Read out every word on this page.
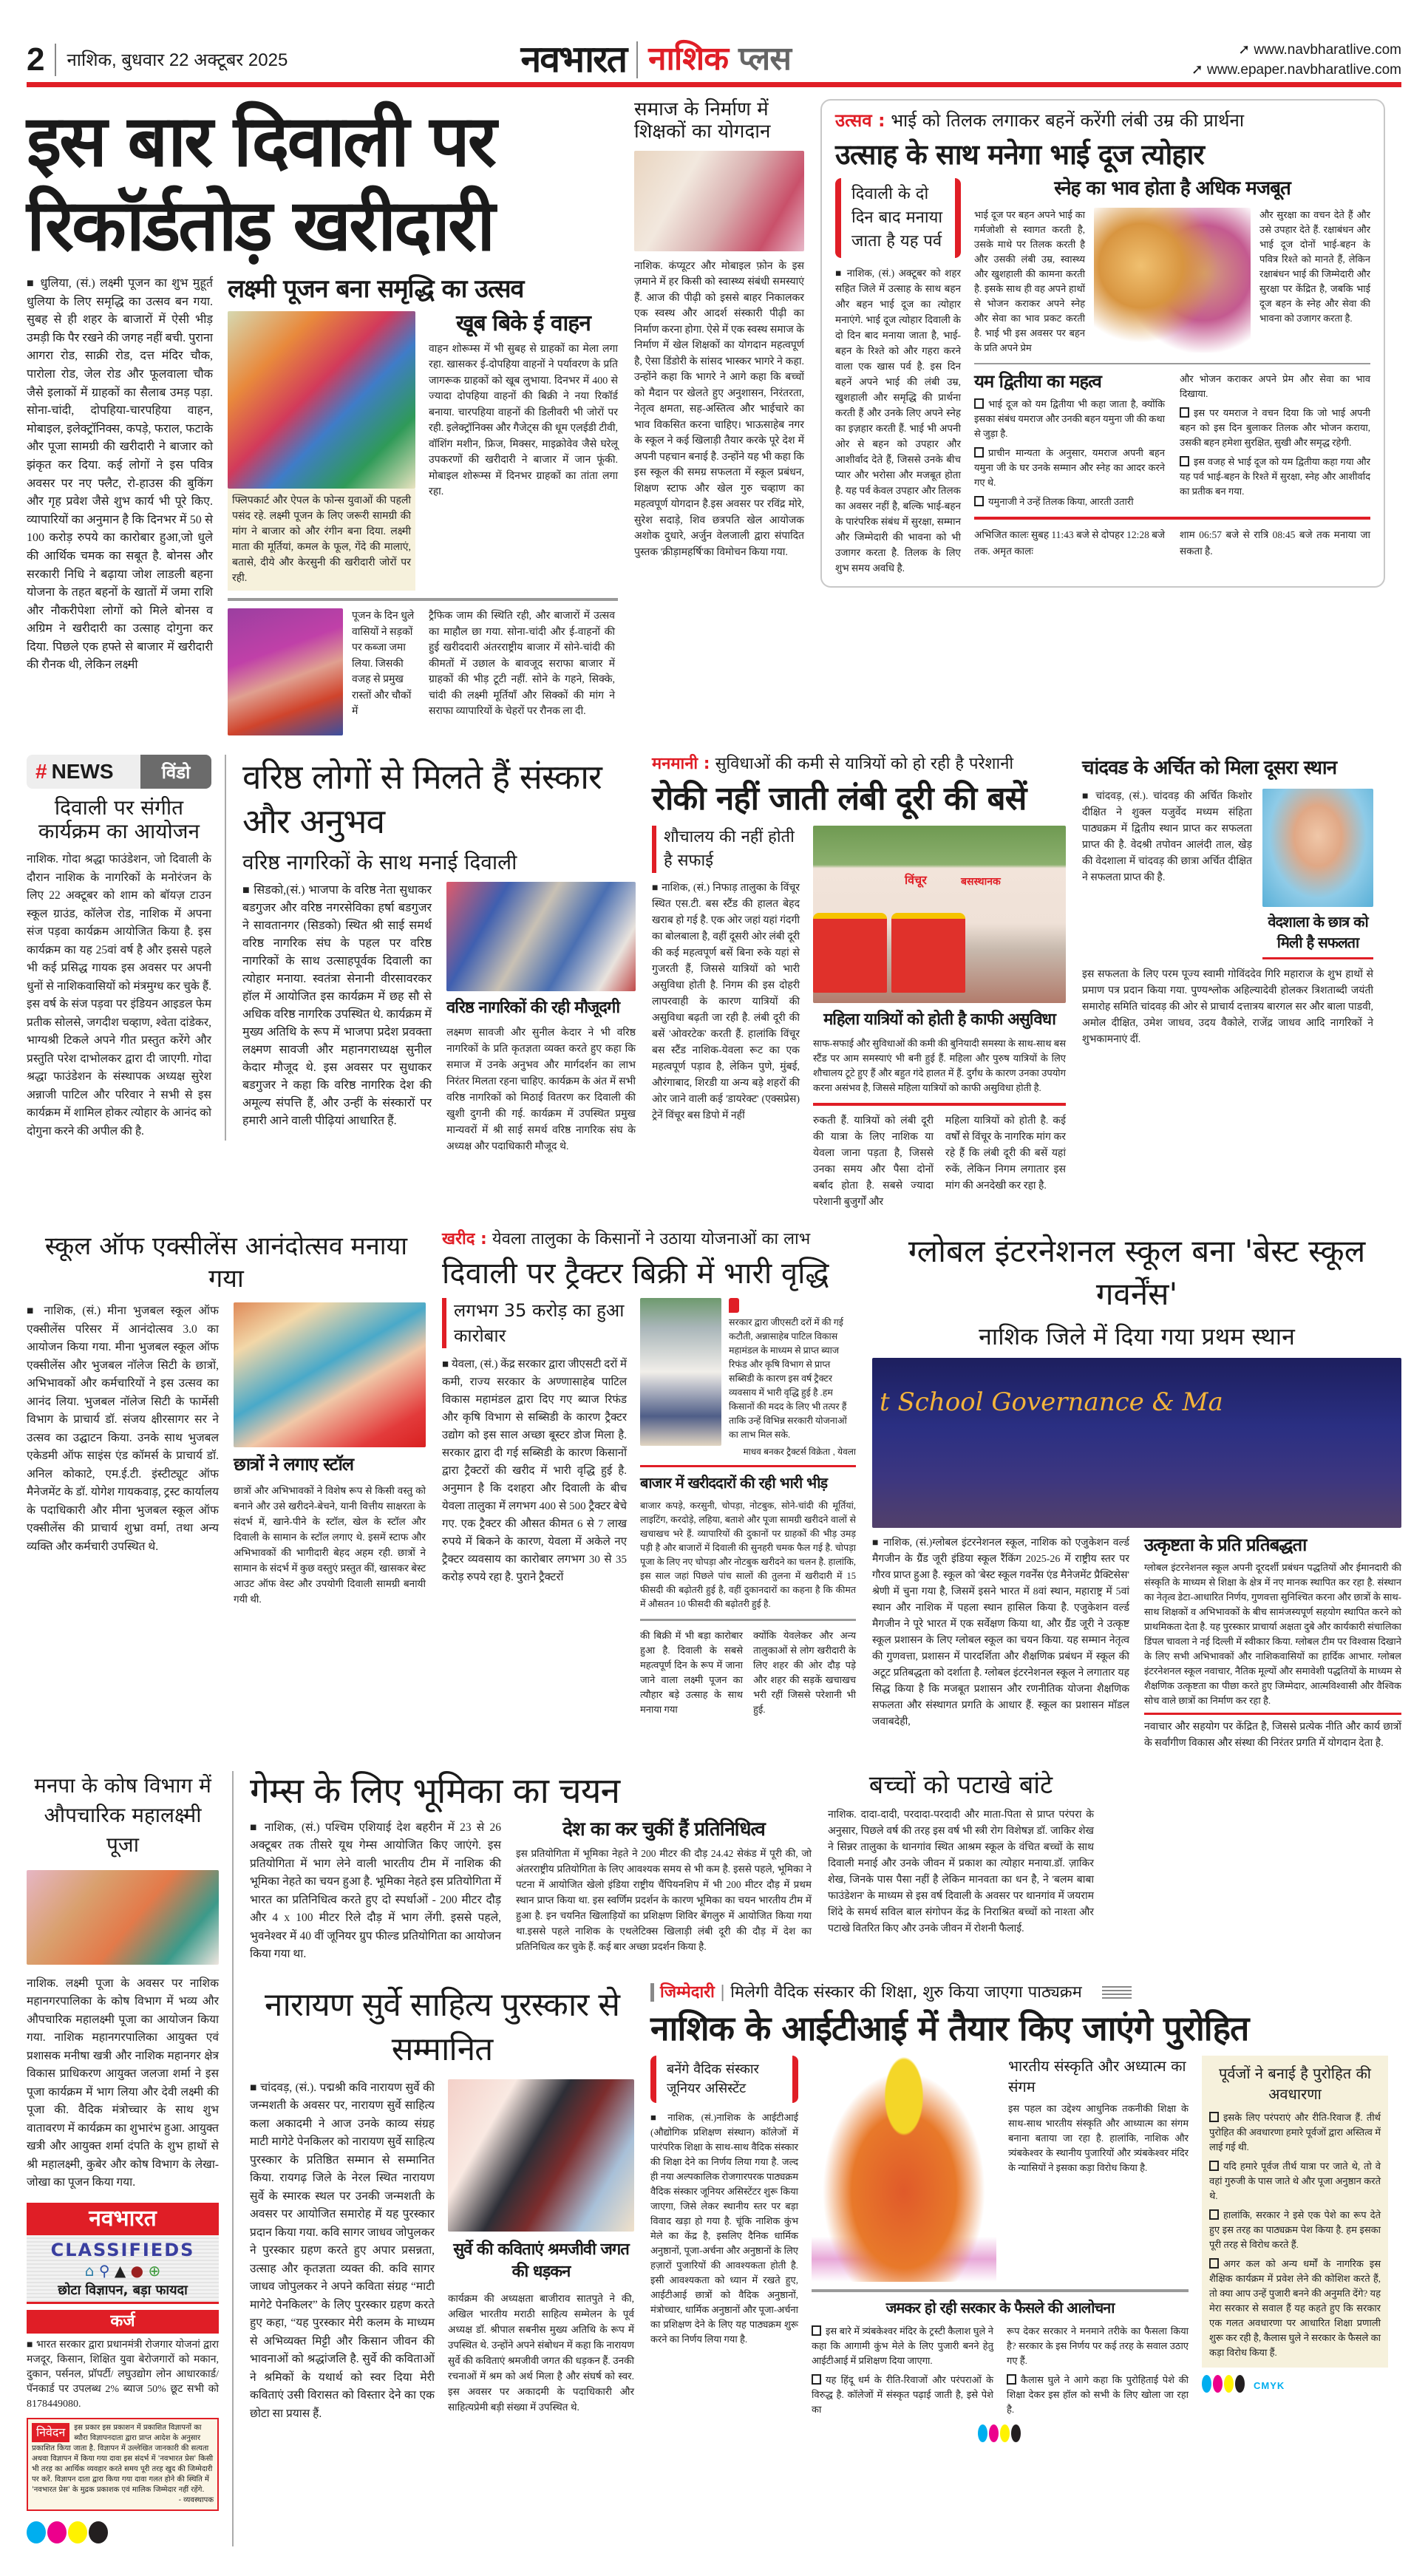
2 नाशिक, बुधवार 22 अक्टूबर 2025	नवभारत नाशिक प्लस	➚ www.navbharatlive.com
➚ www.epaper.navbharatlive.com
इस बार दिवाली पर
रिकॉर्डतोड़ खरीदारी
■ धुलिया, (सं.) लक्ष्मी पूजन का शुभ मुहूर्त धुलिया के लिए समृद्धि का उत्सव बन गया. सुबह से ही शहर के बाजारों में ऐसी भीड़ उमड़ी कि पैर रखने की जगह नहीं बची. पुराना आगरा रोड, साक्री रोड, दत्त मंदिर चौक, पारोला रोड, जेल रोड और फूलवाला चौक जैसे इलाकों में ग्राहकों का सैलाब उमड़ पड़ा. सोना-चांदी, दोपहिया-चारपहिया वाहन, मोबाइल, इलेक्ट्रॉनिक्स, कपड़े, फराल, फटाके और पूजा सामग्री की खरीदारी ने बाजार को झंकृत कर दिया. कई लोगों ने इस पवित्र अवसर पर नए फ्लैट, रो-हाउस की बुकिंग और गृह प्रवेश जैसे शुभ कार्य भी पूरे किए. व्यापारियों का अनुमान है कि दिनभर में 50 से 100 करोड़ रुपये का कारोबार हुआ,जो धुले की आर्थिक चमक का सबूत है. बोनस और सरकारी निधि ने बढ़ाया जोश लाडली बहना योजना के तहत बहनों के खातों में जमा राशि और नौकरीपेशा लोगों को मिले बोनस व अग्रिम ने खरीदारी का उत्साह दोगुना कर दिया. पिछले एक हफ्ते से बाजार में खरीदारी की रौनक थी, लेकिन लक्ष्मी
लक्ष्मी पूजन बना समृद्धि का उत्सव
फ्लिपकार्ट और ऐपल के फोन्स युवाओं की पहली पसंद रहे. लक्ष्मी पूजन के लिए जरूरी सामग्री की मांग ने बाजार को और रंगीन बना दिया. लक्ष्मी माता की मूर्तियां, कमल के फूल, गेंदे की मालाएं, बतासे, दीये और केरसुनी की खरीदारी जोरों पर रही.
खूब बिके ई वाहन
वाहन शोरूम्स में भी सुबह से ग्राहकों का मेला लगा रहा. खासकर ई-दोपहिया वाहनों ने पर्यावरण के प्रति जागरूक ग्राहकों को खूब लुभाया. दिनभर में 400 से ज्यादा दोपहिया वाहनों की बिक्री ने नया रिकॉर्ड बनाया. चारपहिया वाहनों की डिलीवरी भी जोरों पर रही. इलेक्ट्रॉनिक्स और गैजेट्स की धूम एलईडी टीवी, वॉशिंग मशीन, फ्रिज, मिक्सर, माइक्रोवेव जैसे घरेलू उपकरणों की खरीदारी ने बाजार में जान फूंकी. मोबाइल शोरूम्स में दिनभर ग्राहकों का तांता लगा रहा.
पूजन के दिन धुले वासियों ने सड़कों पर कब्जा जमा लिया. जिसकी वजह से प्रमुख रास्तों और चौकों में
ट्रैफिक जाम की स्थिति रही, और बाजारों में उत्सव का माहौल छा गया. सोना-चांदी और ई-वाहनों की हुई खरीददारी अंतरराष्ट्रीय बाजार में सोने-चांदी की कीमतों में उछाल के बावजूद सराफा बाजार में ग्राहकों की भीड़ टूटी नहीं. सोने के गहने, सिक्के, चांदी की लक्ष्मी मूर्तियाँ और सिक्कों की मांग ने सराफा व्यापारियों के चेहरों पर रौनक ला दी.
समाज के निर्माण में शिक्षकों का योगदान
नाशिक. कंप्यूटर और मोबाइल फ़ोन के इस ज़माने में हर किसी को स्वास्थ्य संबंधी समस्याएं हैं. आज की पीढ़ी को इससे बाहर निकालकर एक स्वस्थ और आदर्श संस्कारी पीढ़ी का निर्माण करना होगा. ऐसे में एक स्वस्थ समाज के निर्माण में खेल शिक्षकों का योगदान महत्वपूर्ण है, ऐसा डिंडोरी के सांसद भास्कर भागरे ने कहा. उन्होंने कहा कि भागरे ने आगे कहा कि बच्चों को मैदान पर खेलते हुए अनुशासन, निरंतरता, नेतृत्व क्षमता, सह-अस्तित्व और भाईचारे का भाव विकसित करना चाहिए। भाऊसाहेब नगर के स्कूल ने कई खिलाड़ी तैयार करके पूरे देश में अपनी पहचान बनाई है. उन्होंने यह भी कहा कि इस स्कूल की समग्र सफलता में स्कूल प्रबंधन, शिक्षण स्टाफ और खेल गुरु चव्हाण का महत्वपूर्ण योगदान है.इस अवसर पर रविंद्र मोरे, सुरेश सदाड़े, शिव छत्रपति खेल आयोजक अशोक दुधारे, अर्जुन वेलजाली द्वारा संपादित पुस्तक 'क्रीड़ामहर्षि'का विमोचन किया गया.
उत्सव : भाई को तिलक लगाकर बहनें करेंगी लंबी उम्र की प्रार्थना
उत्साह के साथ मनेगा भाई दूज त्योहार
दिवाली के दो दिन बाद मनाया जाता है यह पर्व
■ नाशिक, (सं.) अक्टूबर को शहर सहित जिले में उत्साह के साथ बहन और बहन भाई दूज का त्योहार मनाएंगे. भाई दूज त्योहार दिवाली के दो दिन बाद मनाया जाता है, भाई-बहन के रिश्ते को और गहरा करने वाला एक खास पर्व है. इस दिन बहनें अपने भाई की लंबी उम्र, खुशहाली और समृद्धि की प्रार्थना करती हैं और उनके लिए अपने स्नेह का इज़हार करती हैं. भाई भी अपनी ओर से बहन को उपहार और आशीर्वाद देते हैं, जिससे उनके बीच प्यार और भरोसा और मजबूत होता है. यह पर्व केवल उपहार और तिलक का अवसर नहीं है, बल्कि भाई-बहन के पारंपरिक संबंध में सुरक्षा, सम्मान और जिम्मेदारी की भावना को भी उजागर करता है. तिलक के लिए शुभ समय अवधि है.
स्नेह का भाव होता है अधिक मजबूत
भाई दूज पर बहन अपने भाई का गर्मजोशी से स्वागत करती है, उसके माथे पर तिलक करती है और उसकी लंबी उम्र, स्वास्थ्य और खुशहाली की कामना करती है. इसके साथ ही वह अपने हाथों से भोजन कराकर अपने स्नेह और सेवा का भाव प्रकट करती है. भाई भी इस अवसर पर बहन के प्रति अपने प्रेम
और सुरक्षा का वचन देते हैं और उसे उपहार देते हैं. रक्षाबंधन और भाई दूज दोनों भाई-बहन के पवित्र रिश्ते को मानते हैं, लेकिन रक्षाबंधन भाई की जिम्मेदारी और सुरक्षा पर केंद्रित है, जबकि भाई दूज बहन के स्नेह और सेवा की भावना को उजागर करता है.
यम द्वितीया का महत्व

भाई दूज को यम द्वितीया भी कहा जाता है, क्योंकि इसका संबंध यमराज और उनकी बहन यमुना जी की कथा से जुड़ा है.

प्राचीन मान्यता के अनुसार, यमराज अपनी बहन यमुना जी के घर उनके सम्मान और स्नेह का आदर करने गए थे.

यमुनाजी ने उन्हें तिलक किया, आरती उतारी

और भोजन कराकर अपने प्रेम और सेवा का भाव दिखाया.

इस पर यमराज ने वचन दिया कि जो भाई अपनी बहन को इस दिन बुलाकर तिलक और भोजन कराया, उसकी बहन हमेशा सुरक्षित, सुखी और समृद्ध रहेगी.

इस वजह से भाई दूज को यम द्वितीया कहा गया और यह पर्व भाई-बहन के रिश्ते में सुरक्षा, स्नेह और आशीर्वाद का प्रतीक बन गया.

अभिजित कालः सुबह 11:43 बजे से दोपहर 12:28 बजे तक. अमृत कालः
शाम 06:57 बजे से रात्रि 08:45 बजे तक मनाया जा सकता है.
# NEWS	विंडो
दिवाली पर संगीत कार्यक्रम का आयोजन
नाशिक. गोदा श्रद्धा फाउंडेशन, जो दिवाली के दौरान नाशिक के नागरिकों के मनोरंजन के लिए 22 अक्टूबर को शाम को बॉयज़ टाउन स्कूल ग्राउंड, कॉलेज रोड, नाशिक में अपना संज पड़वा कार्यक्रम आयोजित किया है. इस कार्यक्रम का यह 25वां वर्ष है और इससे पहले भी कई प्रसिद्ध गायक इस अवसर पर अपनी धुनों से नाशिकवासियों को मंत्रमुग्ध कर चुके हैं. इस वर्ष के संज पड़वा पर इंडियन आइडल फेम प्रतीक सोलसे, जगदीश चव्हाण, श्वेता दांडेकर, भाग्यश्री टिकले अपने गीत प्रस्तुत करेंगे और प्रस्तुति परेश दाभोलकर द्वारा दी जाएगी. गोदा श्रद्धा फाउंडेशन के संस्थापक अध्यक्ष सुरेश अन्नाजी पाटिल और परिवार ने सभी से इस कार्यक्रम में शामिल होकर त्योहार के आनंद को दोगुना करने की अपील की है.
वरिष्ठ लोगों से मिलते हैं संस्कार और अनुभव
वरिष्ठ नागरिकों के साथ मनाई दिवाली
■ सिडको,(सं.) भाजपा के वरिष्ठ नेता सुधाकर बडगुजर और वरिष्ठ नगरसेविका हर्षा बडगुजर ने सावतानगर (सिडको) स्थित श्री साई समर्थ वरिष्ठ नागरिक संघ के पहल पर वरिष्ठ नागरिकों के साथ उत्साहपूर्वक दिवाली का त्योहार मनाया. स्वतंत्रा सेनानी वीरसावरकर हॉल में आयोजित इस कार्यक्रम में छह सौ से अधिक वरिष्ठ नागरिक उपस्थित थे. कार्यक्रम में मुख्य अतिथि के रूप में भाजपा प्रदेश प्रवक्ता लक्ष्मण सावजी और महानगराध्यक्ष सुनील केदार मौजूद थे. इस अवसर पर सुधाकर बडगुजर ने कहा कि वरिष्ठ नागरिक देश की अमूल्य संपत्ति हैं, और उन्हीं के संस्कारों पर हमारी आने वाली पीढ़ियां आधारित हैं.
वरिष्ठ नागरिकों की रही मौजूदगी
लक्ष्मण सावजी और सुनील केदार ने भी वरिष्ठ नागरिकों के प्रति कृतज्ञता व्यक्त करते हुए कहा कि समाज में उनके अनुभव और मार्गदर्शन का लाभ निरंतर मिलता रहना चाहिए. कार्यक्रम के अंत में सभी वरिष्ठ नागरिकों को मिठाई वितरण कर दिवाली की खुशी दुगनी की गई. कार्यक्रम में उपस्थित प्रमुख मान्यवरों में श्री साई समर्थ वरिष्ठ नागरिक संघ के अध्यक्ष और पदाधिकारी मौजूद थे.
मनमानी : सुविधाओं की कमी से यात्रियों को हो रही है परेशानी
रोकी नहीं जाती लंबी दूरी की बसें
शौचालय की नहीं होती है सफाई
■ नाशिक, (सं.) निफाड़ तालुका के विंचूर स्थित एस.टी. बस स्टैंड की हालत बेहद खराब हो गई है. एक ओर जहां यहां गंदगी का बोलबाला है, वहीं दूसरी ओर लंबी दूरी की कई महत्वपूर्ण बसें बिना रुके यहां से गुजरती हैं, जिससे यात्रियों को भारी असुविधा होती है. निगम की इस दोहरी लापरवाही के कारण यात्रियों की असुविधा बढ़ती जा रही है. लंबी दूरी की बसें 'ओवरटेक' करती हैं. हालांकि विंचूर बस स्टैंड नाशिक-येवला रूट का एक महत्वपूर्ण पड़ाव है, लेकिन पुणे, मुंबई, औरंगाबाद, शिरडी या अन्य बड़े शहरों की ओर जाने वाली कई 'डायरेक्ट' (एक्सप्रेस) ट्रेनें विंचूर बस डिपो में नहीं
विंचूर	बसस्थानक
महिला यात्रियों को होती है काफी असुविधा
साफ-सफाई और सुविधाओं की कमी की बुनियादी समस्या के साथ-साथ बस स्टैंड पर आम समस्याएं भी बनी हुई हैं. महिला और पुरुष यात्रियों के लिए शौचालय टूटे हुए हैं और बहुत गंदे हालत में हैं. दुर्गंध के कारण उनका उपयोग करना असंभव है, जिससे महिला यात्रियों को काफी असुविधा होती है.
रुकती हैं. यात्रियों को लंबी दूरी की यात्रा के लिए नाशिक या येवला जाना पड़ता है, जिससे उनका समय और पैसा दोनों बर्बाद होता है. सबसे ज्यादा परेशानी बुजुर्गों और
महिला यात्रियों को होती है. कई वर्षों से विंचूर के नागरिक मांग कर रहे हैं कि लंबी दूरी की बसें यहां रुकें, लेकिन निगम लगातार इस मांग की अनदेखी कर रहा है.
चांदवड के अर्चित को मिला दूसरा स्थान
■ चांदवड़, (सं.). चांदवड़ की अर्चित किशोर दीक्षित ने शुक्ल यजुर्वेद मध्यम संहिता पाठ्यक्रम में द्वितीय स्थान प्राप्त कर सफलता प्राप्त की है. वेदश्री तपोवन आलंदी ताल, खेड़ की वेदशाला में चांदवड़ की छात्रा अर्चित दीक्षित ने सफलता प्राप्त की है.
वेदशाला के छात्र को मिली है सफलता
इस सफलता के लिए परम पूज्य स्वामी गोविंददेव गिरि महाराज के शुभ हाथों से प्रमाण पत्र प्रदान किया गया. पुण्यश्लोक अहिल्यादेवी होलकर त्रिशताब्दी जयंती समारोह समिति चांदवड़ की ओर से प्राचार्य दत्तात्रय बारगल सर और बाला पाडवी, अमोल दीक्षित, उमेश जाधव, उदय वैकोले, राजेंद्र जाधव आदि नागरिकों ने शुभकामनाएं दीं.
स्कूल ऑफ एक्सीलेंस आनंदोत्सव मनाया गया
■ नाशिक, (सं.) मीना भुजबल स्कूल ऑफ एक्सीलेंस परिसर में आनंदोत्सव 3.0 का आयोजन किया गया. मीना भुजबल स्कूल ऑफ एक्सीलेंस और भुजबल नॉलेज सिटी के छात्रों, अभिभावकों और कर्मचारियों ने इस उत्सव का आनंद लिया. भुजबल नॉलेज सिटी के फार्मेसी विभाग के प्राचार्य डॉ. संजय क्षीरसागर सर ने उत्सव का उद्घाटन किया. उनके साथ भुजबल एकेडमी ऑफ साइंस एंड कॉमर्स के प्राचार्य डॉ. अनिल कोकाटे, एम.ई.टी. इंस्टीट्यूट ऑफ मैनेजमेंट के डॉ. योगेश गायकवाड़, ट्रस्ट कार्यालय के पदाधिकारी और मीना भुजबल स्कूल ऑफ एक्सीलेंस की प्राचार्य शुभ्रा वर्मा, तथा अन्य व्यक्ति और कर्मचारी उपस्थित थे.
छात्रों ने लगाए स्टॉल
छात्रों और अभिभावकों ने विशेष रूप से किसी वस्तु को बनाने और उसे खरीदने-बेचने, यानी वित्तीय साक्षरता के संदर्भ में, खाने-पीने के स्टॉल, खेल के स्टॉल और दिवाली के सामान के स्टॉल लगाए थे. इसमें स्टाफ और अभिभावकों की भागीदारी बेहद अहम रही. छात्रों ने सामान के संदर्भ में कुछ वस्तुएं प्रस्तुत कीं, खासकर बेस्ट आउट ऑफ वेस्ट और उपयोगी दिवाली सामग्री बनायी गयी थी.
खरीद : येवला तालुका के किसानों ने उठाया योजनाओं का लाभ
दिवाली पर ट्रैक्टर बिक्री में भारी वृद्धि
लगभग 35 करोड़ का हुआ कारोबार
■ येवला, (सं.) केंद्र सरकार द्वारा जीएसटी दरों में कमी, राज्य सरकार के अण्णासाहेब पाटिल विकास महामंडल द्वारा दिए गए ब्याज रिफंड और कृषि विभाग से सब्सिडी के कारण ट्रैक्टर उद्योग को इस साल अच्छा बूस्टर डोज मिला है. सरकार द्वारा दी गई सब्सिडी के कारण किसानों द्वारा ट्रैक्टरों की खरीद में भारी वृद्धि हुई है. अनुमान है कि दशहरा और दिवाली के बीच येवला तालुका में लगभग 400 से 500 ट्रैक्टर बेचे गए. एक ट्रैक्टर की औसत कीमत 6 से 7 लाख रुपये में बिकने के कारण, येवला में अकेले नए ट्रैक्टर व्यवसाय का कारोबार लगभग 30 से 35 करोड़ रुपये रहा है. पुराने ट्रैक्टरों
सरकार द्वारा जीएसटी दरों में की गई कटौती, अन्नासाहेब पाटिल विकास महामंडल के माध्यम से प्राप्त ब्याज रिफंड और कृषि विभाग से प्राप्त सब्सिडी के कारण इस वर्ष ट्रैक्टर व्यवसाय में भारी वृद्धि हुई है .हम किसानों की मदद के लिए भी तत्पर हैं ताकि उन्हें विभिन्न सरकारी योजनाओं का लाभ मिल सके.
माधव बनकर ट्रैक्टर्स विक्रेता , येवला
बाजार में खरीददारों की रही भारी भीड़
बाजार कपड़े, करसुनी, चोपड़ा, नोटबुक, सोने-चांदी की मूर्तियां, लाइटिंग, करदोड़े, लहिया, बताशे और पूजा सामग्री खरीदने वालों से खचाखच भरे हैं. व्यापारियों की दुकानों पर ग्राहकों की भीड़ उमड़ पड़ी है और बाजारों में दिवाली की सुनहरी चमक फैल गई है. चोपड़ा पूजा के लिए नए चोपड़ा और नोटबुक खरीदने का चलन है. हालांकि, इस साल जहां पिछले पांच सालों की तुलना में खरीदारी में 15 फीसदी की बढ़ोतरी हुई है, वहीं दुकानदारों का कहना है कि कीमत में औसतन 10 फीसदी की बढ़ोतरी हुई है.
की बिक्री में भी बड़ा कारोबार हुआ है. दिवाली के सबसे महत्वपूर्ण दिन के रूप में जाना जाने वाला लक्ष्मी पूजन का त्यौहार बड़े उत्साह के साथ मनाया गया
क्योंकि येवलेकर और अन्य तालुकाओं से लोग खरीदारी के लिए शहर की ओर दौड़ पड़े और शहर की सड़कें खचाखच भरी रहीं जिससे परेशानी भी हुई.
ग्लोबल इंटरनेशनल स्कूल बना 'बेस्ट स्कूल गवर्नेंस'
नाशिक जिले में दिया गया प्रथम स्थान
t School Governance & Ma
■ नाशिक, (सं.)ग्लोबल इंटरनेशनल स्कूल, नाशिक को एजुकेशन वर्ल्ड मैगजीन के ग्रैंड जूरी इंडिया स्कूल रैंकिंग 2025-26 में राष्ट्रीय स्तर पर गौरव प्राप्त हुआ है. स्कूल को 'बेस्ट स्कूल गवर्नेंस एंड मैनेजमेंट प्रैक्टिसेस' श्रेणी में चुना गया है, जिसमें इसने भारत में 8वां स्थान, महाराष्ट्र में 5वां स्थान और नाशिक में पहला स्थान हासिल किया है. एजुकेशन वर्ल्ड मैगजीन ने पूरे भारत में एक सर्वेक्षण किया था, और ग्रैंड जूरी ने उत्कृष्ट स्कूल प्रशासन के लिए ग्लोबल स्कूल का चयन किया. यह सम्मान नेतृत्व की गुणवत्ता, प्रशासन में पारदर्शिता और शैक्षणिक प्रबंधन में स्कूल की अटूट प्रतिबद्धता को दर्शाता है. ग्लोबल इंटरनेशनल स्कूल ने लगातार यह सिद्ध किया है कि मजबूत प्रशासन और रणनीतिक योजना शैक्षणिक सफलता और संस्थागत प्रगति के आधार हैं. स्कूल का प्रशासन मॉडल जवाबदेही,
उत्कृष्टता के प्रति प्रतिबद्धता
ग्लोबल इंटरनेशनल स्कूल अपनी दूरदर्शी प्रबंधन पद्धतियों और ईमानदारी की संस्कृति के माध्यम से शिक्षा के क्षेत्र में नए मानक स्थापित कर रहा है. संस्थान का नेतृत्व डेटा-आधारित निर्णय, गुणवत्ता सुनिश्चित करना और छात्रों के साथ-साथ शिक्षकों व अभिभावकों के बीच सामंजस्यपूर्ण सहयोग स्थापित करने को प्राथमिकता देता है. यह पुरस्कार प्राचार्या अक्षता दुबे और कार्यकारी संचालिका डिंपल चावला ने नई दिल्ली में स्वीकार किया. ग्लोबल टीम पर विश्वास दिखाने के लिए सभी अभिभावकों और नाशिकवासियों का हार्दिक आभार. ग्लोबल इंटरनेशनल स्कूल नवाचार, नैतिक मूल्यों और समावेशी पद्धतियों के माध्यम से शैक्षणिक उत्कृष्टता का पीछा करते हुए जिम्मेदार, आत्मविश्वासी और वैश्विक सोच वाले छात्रों का निर्माण कर रहा है.
नवाचार और सहयोग पर केंद्रित है, जिससे प्रत्येक नीति और कार्य छात्रों के सर्वांगीण विकास और संस्था की निरंतर प्रगति में योगदान देता है.
मनपा के कोष विभाग में औपचारिक महालक्ष्मी पूजा
नाशिक. लक्ष्मी पूजा के अवसर पर नाशिक महानगरपालिका के कोष विभाग में भव्य और औपचारिक महालक्ष्मी पूजा का आयोजन किया गया. नाशिक महानगरपालिका आयुक्त एवं प्रशासक मनीषा खत्री और नाशिक महानगर क्षेत्र विकास प्राधिकरण आयुक्त जलजा शर्मा ने इस पूजा कार्यक्रम में भाग लिया और देवी लक्ष्मी की पूजा की. वैदिक मंत्रोच्चार के साथ शुभ वातावरण में कार्यक्रम का शुभारंभ हुआ. आयुक्त खत्री और आयुक्त शर्मा दंपति के शुभ हाथों से श्री महालक्ष्मी, कुबेर और कोष विभाग के लेखा-जोखा का पूजन किया गया.
नवभारत
CLASSIFIEDS
⌂ ⚲ ▲ ● ⊕
छोटा विज्ञापन, बड़ा फायदा
कर्ज
■ भारत सरकार द्वारा प्रधानमंत्री रोजगार योजनां द्वारा मजदूर, किसान, शिक्षित युवा बेरोजगारों को मकान, दुकान, पर्सनल, प्रॉपर्टी/ लघुउद्योग लोन आधारकार्ड/ पॅनकार्ड पर उपलब्ध 2% ब्याज 50% छूट सभी को 8178449080.
निवेदन	इस प्रकार इस प्रकाशन में प्रकाशित विज्ञापनों का ब्यौरा विज्ञापनदाता द्वारा प्राप्त आदेश के अनुसार प्रकाशित किया जाता है. विज्ञापन में उल्लेखित जानकारी की सत्यता अथवा विज्ञापन में किया गया दावा इस संदर्भ में 'नवभारत प्रेस' किसी भी तरह का आर्थिक व्यवहार करते समय पूरी तरह खुद की जिम्मेदारी पर करें. विज्ञापन दाता द्वारा किया गया दावा गलत होने की स्थिति में 'नवभारत प्रेस' के मुद्रक प्रकाशक एवं मालिक जिम्मेदार नहीं रहेंगे.
- व्यवस्थापक
गेम्स के लिए भूमिका का चयन
■ नाशिक, (सं.) पश्चिम एशियाई देश बहरीन में 23 से 26 अक्टूबर तक तीसरे यूथ गेम्स आयोजित किए जाएंगे. इस प्रतियोगिता में भाग लेने वाली भारतीय टीम में नाशिक की भूमिका नेहते का चयन हुआ है. भूमिका नेहते इस प्रतियोगिता में भारत का प्रतिनिधित्व करते हुए दो स्पर्धाओं - 200 मीटर दौड़ और 4 x 100 मीटर रिले दौड़ में भाग लेंगी. इससे पहले, भुवनेश्वर में 40 वीं जूनियर ग्रुप फील्ड प्रतियोगिता का आयोजन किया गया था.
देश का कर चुकीं हैं प्रतिनिधित्व
इस प्रतियोगिता में भूमिका नेहते ने 200 मीटर की दौड़ 24.42 सेकंड में पूरी की, जो अंतरराष्ट्रीय प्रतियोगिता के लिए आवश्यक समय से भी कम है. इससे पहले, भूमिका ने पटना में आयोजित खेलो इंडिया राष्ट्रीय चैंपियनशिप में भी 200 मीटर दौड़ में प्रथम स्थान प्राप्त किया था. इस स्वर्णिम प्रदर्शन के कारण भूमिका का चयन भारतीय टीम में हुआ है. इन चयनित खिलाड़ियों का प्रशिक्षण शिविर बेंगलुरु में आयोजित किया गया था.इससे पहले नाशिक के एथलेटिक्स खिलाड़ी लंबी दूरी की दौड़ में देश का प्रतिनिधित्व कर चुके हैं. कई बार अच्छा प्रदर्शन किया है.
बच्चों को पटाखे बांटे
नाशिक. दादा-दादी, परदादा-परदादी और माता-पिता से प्राप्त परंपरा के अनुसार, पिछले वर्ष की तरह इस वर्ष भी स्त्री रोग विशेषज्ञ डॉ. जाकिर शेख ने सिन्नर तालुका के थानगांव स्थित आश्रम स्कूल के वंचित बच्चों के साथ दिवाली मनाई और उनके जीवन में प्रकाश का त्योहार मनाया.डॉ. ज़ाकिर शेख, जिनके पास पैसा नहीं है लेकिन मानवता का धन है, ने 'बलम बाबा फाउंडेशन' के माध्यम से इस वर्ष दिवाली के अवसर पर थानगांव में जयराम शिंदे के समर्थ सविल बाल संगोपन केंद्र के निराश्रित बच्चों को नाश्ता और पटाखे वितरित किए और उनके जीवन में रोशनी फैलाई.
नारायण सुर्वे साहित्य पुरस्कार से सम्मानित
■ चांदवड़, (सं.). पद्मश्री कवि नारायण सुर्वे की जन्मशती के अवसर पर, नारायण सुर्वे साहित्य कला अकादमी ने आज उनके काव्य संग्रह माटी मागेटे पेनकिलर को नारायण सुर्वे साहित्य पुरस्कार के प्रतिष्ठित सम्मान से सम्मानित किया. रायगढ़ जिले के नेरल स्थित नारायण सुर्वे के स्मारक स्थल पर उनकी जन्मशती के अवसर पर आयोजित समारोह में यह पुरस्कार प्रदान किया गया. कवि सागर जाधव जोपुलकर ने पुरस्कार ग्रहण करते हुए अपार प्रसन्नता, उत्साह और कृतज्ञता व्यक्त की. कवि सागर जाधव जोपुलकर ने अपने कविता संग्रह “माटी मागेटे पेनकिलर” के लिए पुरस्कार ग्रहण करते हुए कहा, “यह पुरस्कार मेरी कलम के माध्यम से अभिव्यक्त मिट्टी और किसान जीवन की भावनाओं को श्रद्धांजलि है. सुर्वे की कविताओं ने श्रमिकों के यथार्थ को स्वर दिया मेरी कविताएं उसी विरासत को विस्तार देने का एक छोटा सा प्रयास हैं.
सुर्वे की कविताएं श्रमजीवी जगत की धड़कन
कार्यक्रम की अध्यक्षता बाजीराव सातपुते ने की, अखिल भारतीय मराठी साहित्य सम्मेलन के पूर्व अध्यक्ष डॉ. श्रीपाल सबनीस मुख्य अतिथि के रूप में उपस्थित थे. उन्होंने अपने संबोधन में कहा कि नारायण सुर्वे की कविताएं श्रमजीवी जगत की धड़कन हैं. उनकी रचनाओं में श्रम को अर्थ मिला है और संघर्ष को स्वर. इस अवसर पर अकादमी के पदाधिकारी और साहित्यप्रेमी बड़ी संख्या में उपस्थित थे.
जिम्मेदारी | मिलेगी वैदिक संस्कार की शिक्षा, शुरु किया जाएगा पाठ्यक्रम
नाशिक के आईटीआई में तैयार किए जाएंगे पुरोहित
बनेंगे वैदिक संस्कार जूनियर असिस्टेंट
■ नाशिक, (सं.)नाशिक के आईटीआई (औद्योगिक प्रशिक्षण संस्थान) कॉलेजों में पारंपरिक शिक्षा के साथ-साथ वैदिक संस्कार की शिक्षा देने का निर्णय लिया गया है. जल्द ही नया अल्पकालिक रोजगारपरक पाठ्यक्रम वैदिक संस्कार जूनियर असिस्टेंटर शुरू किया जाएगा, जिसे लेकर स्थानीय स्तर पर बड़ा विवाद खड़ा हो गया है. चूंकि नाशिक कुंभ मेले का केंद्र है, इसलिए दैनिक धार्मिक अनुष्ठानों, पूजा-अर्चना और अनुष्ठानों के लिए हज़ारों पुजारियों की आवश्यकता होती है. इसी आवश्यकता को ध्यान में रखते हुए, आईटीआई छात्रों को वैदिक अनुष्ठानों, मंत्रोच्चार, धार्मिक अनुष्ठानों और पूजा-अर्चना का प्रशिक्षण देने के लिए यह पाठ्यक्रम शुरू करने का निर्णय लिया गया है.
भारतीय संस्कृति और अध्यात्म का संगम
इस पहल का उद्देश्य आधुनिक तकनीकी शिक्षा के साथ-साथ भारतीय संस्कृति और आध्यात्म का संगम बनाना बताया जा रहा है. हालांकि, नाशिक और त्र्यंबकेश्वर के स्थानीय पुजारियों और त्र्यंबकेश्वर मंदिर के न्यासियों ने इसका कड़ा विरोध किया है.
जमकर हो रही सरकार के फैसले की आलोचना

इस बारे में त्र्यंबकेश्वर मंदिर के ट्रस्टी कैलाश घुले ने कहा कि आगामी कुंभ मेले के लिए पुजारी बनने हेतु आईटीआई में प्रशिक्षण दिया जाएगा.

यह हिंदू धर्म के रीति-रिवाजों और परंपराओं के विरुद्ध है. कॉलेजों में संस्कृत पढ़ाई जाती है, इसे पेशे का

रूप देकर सरकार ने मनमाने तरीके का फैसला किया है? सरकार के इस निर्णय पर कई तरह के सवाल उठाए गए हैं.

कैलास घुले ने आगे कहा कि पुरोहिताई पेशे की शिक्षा देकर इस हॉल को सभी के लिए खोला जा रहा है.

पूर्वजों ने बनाई है पुरोहित की अवधारणा

इसके लिए परंपराएं और रीति-रिवाज हैं. तीर्थ पुरोहित की अवधारणा हमारे पूर्वजों द्वारा अस्तित्व में लाई गई थी.

यदि हमारे पूर्वज तीर्थ यात्रा पर जाते थे, तो वे वहां गुरुजी के पास जाते थे और पूजा अनुष्ठान करते थे.

हालांकि, सरकार ने इसे एक पेशे का रूप देते हुए इस तरह का पाठ्यक्रम पेश किया है. हम इसका पूरी तरह से विरोध करते हैं.

अगर कल को अन्य धर्मों के नागरिक इस शैक्षिक कार्यक्रम में प्रवेश लेने की कोशिश करते हैं, तो क्या आप उन्हें पुजारी बनने की अनुमति देंगे? यह मेरा सरकार से सवाल हैं यह कहते हुए कि सरकार एक गलत अवधारणा पर आधारित शिक्षा प्रणाली शुरू कर रही है, कैलास घुले ने सरकार के फैसले का कड़ा विरोध किया हैं.

CMYK
